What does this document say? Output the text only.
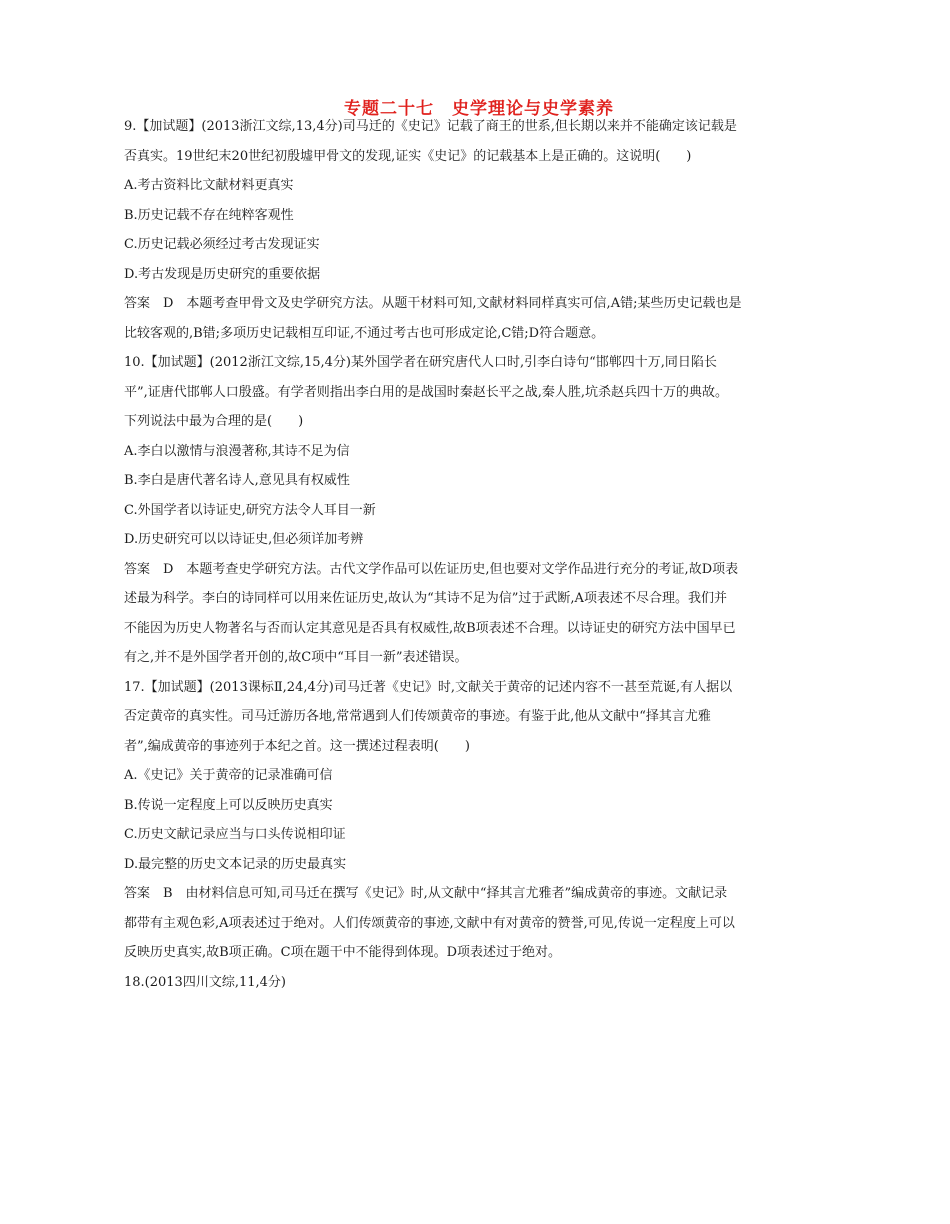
专题二十七　史学理论与史学素养

9.【加试题】(2013浙江文综,13,4分)司马迁的《史记》记载了商王的世系,但长期以来并不能确定该记载是

否真实。19世纪末20世纪初殷墟甲骨文的发现,证实《史记》的记载基本上是正确的。这说明(　　)

A.考古资料比文献材料更真实

B.历史记载不存在纯粹客观性

C.历史记载必须经过考古发现证实

D.考古发现是历史研究的重要依据

答案　D　本题考查甲骨文及史学研究方法。从题干材料可知,文献材料同样真实可信,A错;某些历史记载也是

比较客观的,B错;多项历史记载相互印证,不通过考古也可形成定论,C错;D符合题意。

10.【加试题】(2012浙江文综,15,4分)某外国学者在研究唐代人口时,引李白诗句“邯郸四十万,同日陷长

平”,证唐代邯郸人口殷盛。有学者则指出李白用的是战国时秦赵长平之战,秦人胜,坑杀赵兵四十万的典故。

下列说法中最为合理的是(　　)

A.李白以激情与浪漫著称,其诗不足为信

B.李白是唐代著名诗人,意见具有权威性

C.外国学者以诗证史,研究方法令人耳目一新

D.历史研究可以以诗证史,但必须详加考辨

答案　D　本题考查史学研究方法。古代文学作品可以佐证历史,但也要对文学作品进行充分的考证,故D项表

述最为科学。李白的诗同样可以用来佐证历史,故认为“其诗不足为信”过于武断,A项表述不尽合理。我们并

不能因为历史人物著名与否而认定其意见是否具有权威性,故B项表述不合理。以诗证史的研究方法中国早已

有之,并不是外国学者开创的,故C项中“耳目一新”表述错误。

17.【加试题】(2013课标Ⅱ,24,4分)司马迁著《史记》时,文献关于黄帝的记述内容不一甚至荒诞,有人据以

否定黄帝的真实性。司马迁游历各地,常常遇到人们传颂黄帝的事迹。有鉴于此,他从文献中“择其言尤雅

者”,编成黄帝的事迹列于本纪之首。这一撰述过程表明(　　)

A.《史记》关于黄帝的记录准确可信

B.传说一定程度上可以反映历史真实

C.历史文献记录应当与口头传说相印证

D.最完整的历史文本记录的历史最真实

答案　B　由材料信息可知,司马迁在撰写《史记》时,从文献中“择其言尤雅者”编成黄帝的事迹。文献记录

都带有主观色彩,A项表述过于绝对。人们传颂黄帝的事迹,文献中有对黄帝的赞誉,可见,传说一定程度上可以

反映历史真实,故B项正确。C项在题干中不能得到体现。D项表述过于绝对。

18.(2013四川文综,11,4分)
